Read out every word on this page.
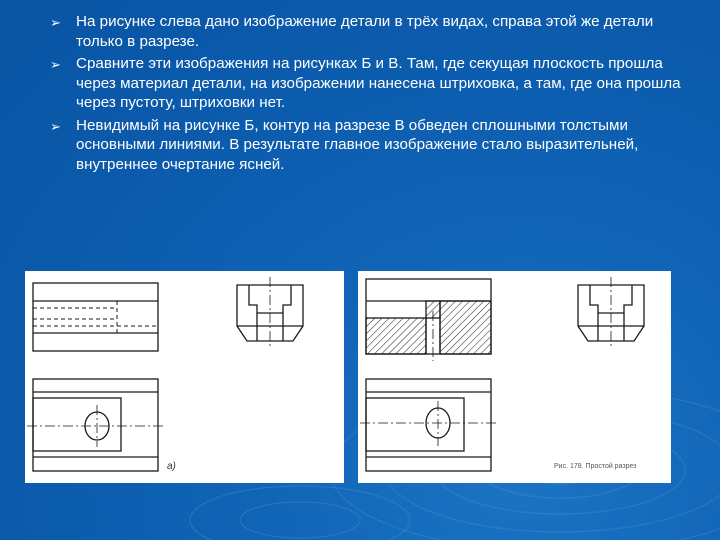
➢ На рисунке слева дано изображение детали в трёх видах, справа этой же детали только в разрезе.
➢ Сравните эти изображения на рисунках Б и В. Там, где секущая плоскость прошла через материал детали, на изображении нанесена штриховка, а там, где она прошла через пустоту, штриховки нет.
➢ Невидимый на рисунке Б, контур на разрезе В обведен сплошными толстыми основными линиями. В результате главное изображение стало выразительней, внутреннее очертание ясней.
а)	Рис. 178. Простой разрез
